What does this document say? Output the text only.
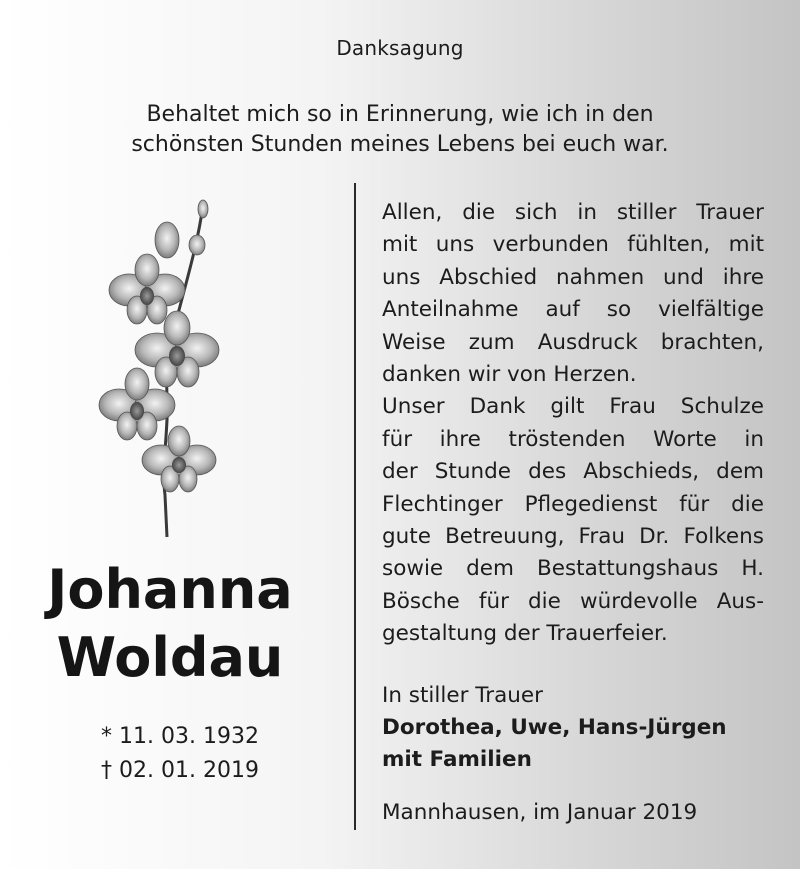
Danksagung
Behaltet mich so in Erinnerung, wie ich in den
schönsten Stunden meines Lebens bei euch war.
Johanna
Woldau
* 11. 03. 1932
† 02. 01. 2019
Allen, die sich in stiller Trauer
mit uns verbunden fühlten, mit
uns Abschied nahmen und ihre
Anteilnahme auf so vielfältige
Weise zum Ausdruck brachten,
danken wir von Herzen.
Unser Dank gilt Frau Schulze
für ihre tröstenden Worte in
der Stunde des Abschieds, dem
Flechtinger Pflegedienst für die
gute Betreuung, Frau Dr. Folkens
sowie dem Bestattungshaus H.
Bösche für die würdevolle Aus-
gestaltung der Trauerfeier.
In stiller Trauer
Dorothea, Uwe, Hans-Jürgen
mit Familien
Mannhausen, im Januar 2019
